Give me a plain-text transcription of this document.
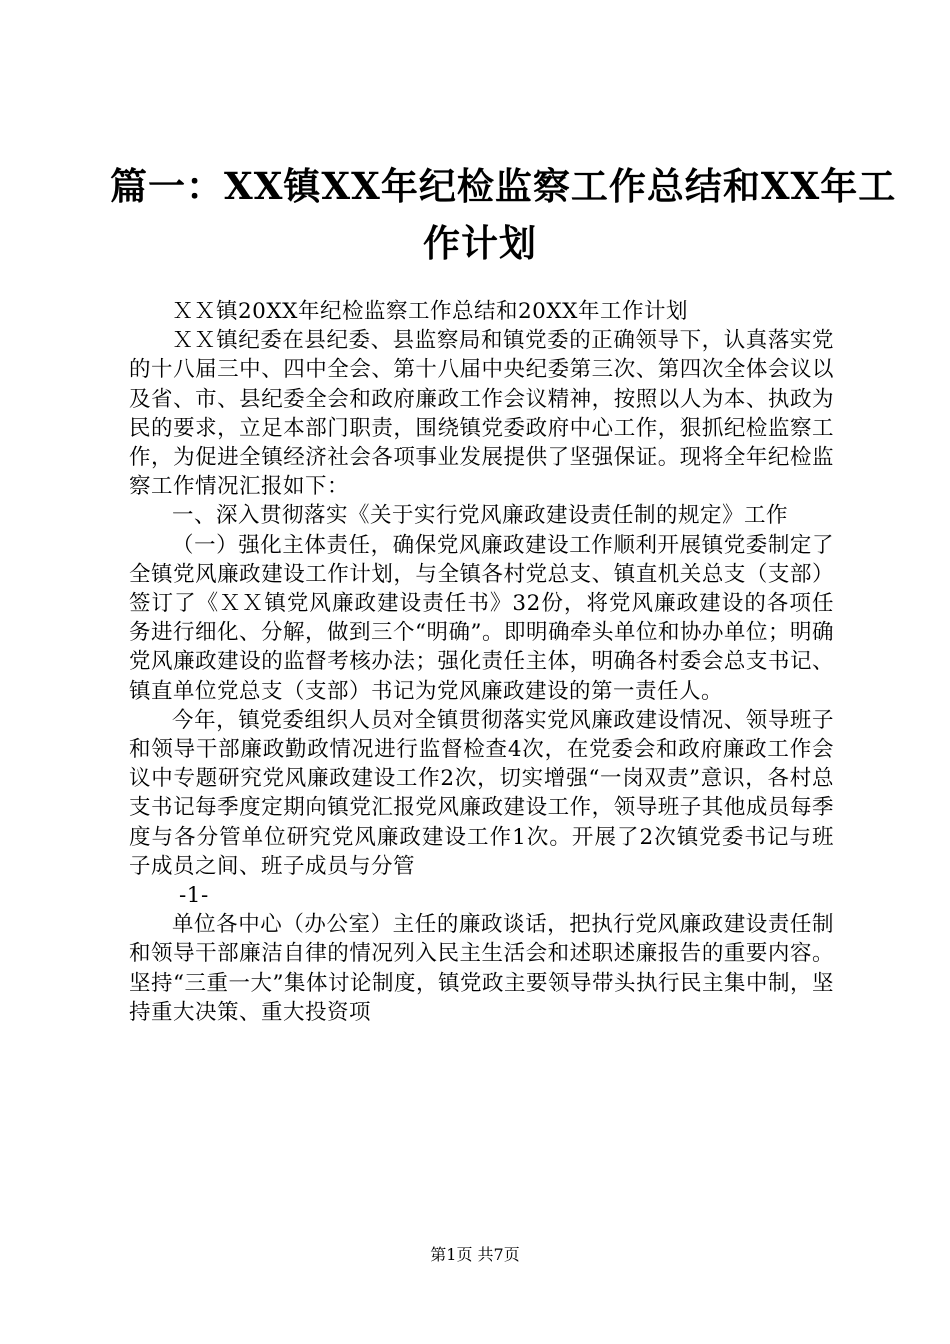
篇一：XX镇XX年纪检监察工作总结和XX年工
作计划

ＸＸ镇20XX年纪检监察工作总结和20XX年工作计划

ＸＸ镇纪委在县纪委、县监察局和镇党委的正确领导下，认真落实党的十八届三中、四中全会、第十八届中央纪委第三次、第四次全体会议以及省、市、县纪委全会和政府廉政工作会议精神，按照以人为本、执政为民的要求，立足本部门职责，围绕镇党委政府中心工作，狠抓纪检监察工作，为促进全镇经济社会各项事业发展提供了坚强保证。现将全年纪检监察工作情况汇报如下：

一、深入贯彻落实《关于实行党风廉政建设责任制的规定》工作

（一）强化主体责任，确保党风廉政建设工作顺利开展镇党委制定了全镇党风廉政建设工作计划，与全镇各村党总支、镇直机关总支（支部）签订了《ＸＸ镇党风廉政建设责任书》32份，将党风廉政建设的各项任务进行细化、分解，做到三个“明确”。即明确牵头单位和协办单位；明确党风廉政建设的监督考核办法；强化责任主体，明确各村委会总支书记、镇直单位党总支（支部）书记为党风廉政建设的第一责任人。

今年，镇党委组织人员对全镇贯彻落实党风廉政建设情况、领导班子和领导干部廉政勤政情况进行监督检查4次，在党委会和政府廉政工作会议中专题研究党风廉政建设工作2次，切实增强“一岗双责”意识，各村总支书记每季度定期向镇党汇报党风廉政建设工作，领导班子其他成员每季度与各分管单位研究党风廉政建设工作1次。开展了2次镇党委书记与班子成员之间、班子成员与分管

-1-

单位各中心（办公室）主任的廉政谈话，把执行党风廉政建设责任制和领导干部廉洁自律的情况列入民主生活会和述职述廉报告的重要内容。坚持“三重一大”集体讨论制度，镇党政主要领导带头执行民主集中制，坚持重大决策、重大投资项

第1页 共7页
